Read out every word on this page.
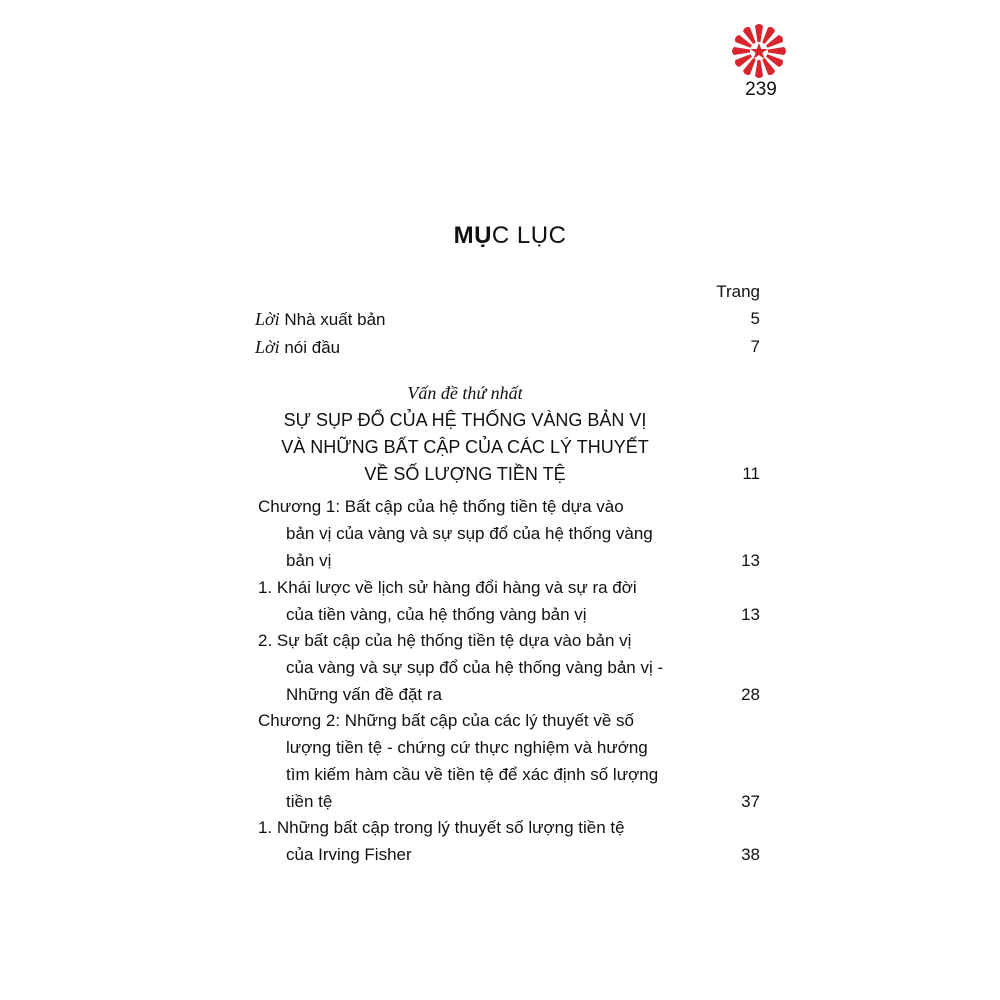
239
MỤC LỤC
Trang
Lời Nhà xuất bản	5
Lời nói đầu	7
Vấn đề thứ nhất
SỰ SỤP ĐỔ CỦA HỆ THỐNG VÀNG BẢN VỊ
VÀ NHỮNG BẤT CẬP CỦA CÁC LÝ THUYẾT
VỀ SỐ LƯỢNG TIỀN TỆ	11
Chương 1: Bất cập của hệ thống tiền tệ dựa vào
bản vị của vàng và sự sụp đổ của hệ thống vàng
bản vị	13
1. Khái lược về lịch sử hàng đổi hàng và sự ra đời
của tiền vàng, của hệ thống vàng bản vị	13
2. Sự bất cập của hệ thống tiền tệ dựa vào bản vị
của vàng và sự sụp đổ của hệ thống vàng bản vị -
Những vấn đề đặt ra	28
Chương 2: Những bất cập của các lý thuyết về số
lượng tiền tệ - chứng cứ thực nghiệm và hướng
tìm kiếm hàm cầu về tiền tệ để xác định số lượng
tiền tệ	37
1. Những bất cập trong lý thuyết số lượng tiền tệ
của Irving Fisher	38
